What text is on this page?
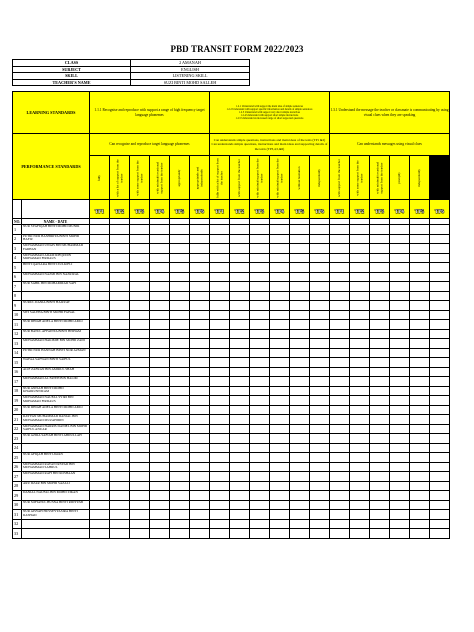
PBD TRANSIT FORM 2022/2023
CLASS	2 AMANAH
SUBJECT	ENGLISH
SKILL	LISTENING SKILL
TEACHER'S NAME	SUZI BINTI MOHD SALLEH
LEARNING STANDARDS		1.1.1 Recognise and reproduce with support a range of high frequency target language phonemes						1.2.1 Understand with support the main idea of simple sentences
1.2.2 Understand with support specific information and details of simple sentences
1.2.3 Understand with support very short simple narratives
1.2.4 Understand with support short simple instructions
1.2.5 Understand an increased range of short supported questions						1.3.1 Understand the message the teacher or classmate is communicating by using visual clues when they are speaking					
PERFORMANCE STANDARDS		Can recognise and reproduce target language phonemes						Can understands simple questions, instructions and main ideas of the texts (TP1 &2)
Can understands simple questions, instructions and main ideas and supporting details of the texts (TP3,4,5,&6)						Can understands messages using visual clues					

		fully	with a lot of support from the teacher	with some support from the teacher	with minimal/occasional support from the teacher	appropriately	appropriately and independently	fully with a lot of support from the teacher	with support from the teacher	with minimal support from the teacher	with minimal support from the teacher	without hesitation	independently	with support from the teacher	with some support from the teacher	with minimal/occasional support from the teacher	promptly	independently	

		TP1	TP2	TP3	TP4	TP5	TP6	TP1	TP2	TP3	TP4	TP5	TP6	TP1	TP2	TP3	TP4	TP5	TP6
NO.	NAME - DATE																		
1	NUR SYAFIQAH BINTI MOHD MUNIR																		
2	PUTRI NUR BASHIRIYA BINTI MOHD HAFIZ																		
3	MUHAMMAD UWAIS BIN MUHAMMAD FARHAN																		
4	MUHAMMAD ADAM RIFQUDIN MOHAMAD FIRDAUS																		
5	BINTI QAISARA BINTI ZULKIFLI																		
6	MUHAMMAD NAZMI BIN NAZRIZAL																		
7	NUR SABIL BIN MOHAMMAD SAFI																		
8																			
9	NURUL DANIA BINTI HAIZZAT																		
10	SITI SALEHA BINTI MOHD FAISAL																		
11	NUR DHIAH ADELA BINTI MOHD AMLI																		
12	NUR BATUL AFFAINTA BINTI HISHAM																		
13	MUHAMMAD HAKIMIE BIN MOHD ZAID																		
14	PUTRI NUR HANNAH BINTI NOR AZMAN																		
15	WAFAA SAFWAN BINTI SAIFUL																		
16	ALIF ZAFRAN BIN AMIRUL SHAH																		
17	MUHAMMAD AL FATEH BIN HALIM																		
18	NUR ANISAH BINTI MOHD KHAIRUNNIZAM																		
19	MUHAMMAD NAUFAL SYIRI BIN MOHAMAD FIRDAUS																		
20	NUR DHIAH ADELA BINTI MOHD AMLI																		
21	RAYYAN MUHAMMAD DANIAL BIN MUHAMMAD MUZAHIDIN																		
22	MUHAMMAD HARRIS DANIEL BIN MOHD SAIFUL ANUAR																		
23	NUR AZIRA SAFIAH BINTI ABDULLAH																		
24																			
25	NUR AFIQAH BINTI AWAN																		
26	MUHAMMAD RAYAN IRSYAD BIN MUHAMMAD SAHRUL																		
27	MUHAMMAD RAFI BIN ROSHAAN																		
28	ARU DZAR BIN MOHD SAZALI																		
29	DANIAL NAUFAL BIN MOHD ZIKAN																		
30	NUR SOFIATUL HUSNA BINTI RIDYUMI																		
31	NUR AISYAH HUSSEYYASIRA BINTI RASHAD																		
32																			
33																			
